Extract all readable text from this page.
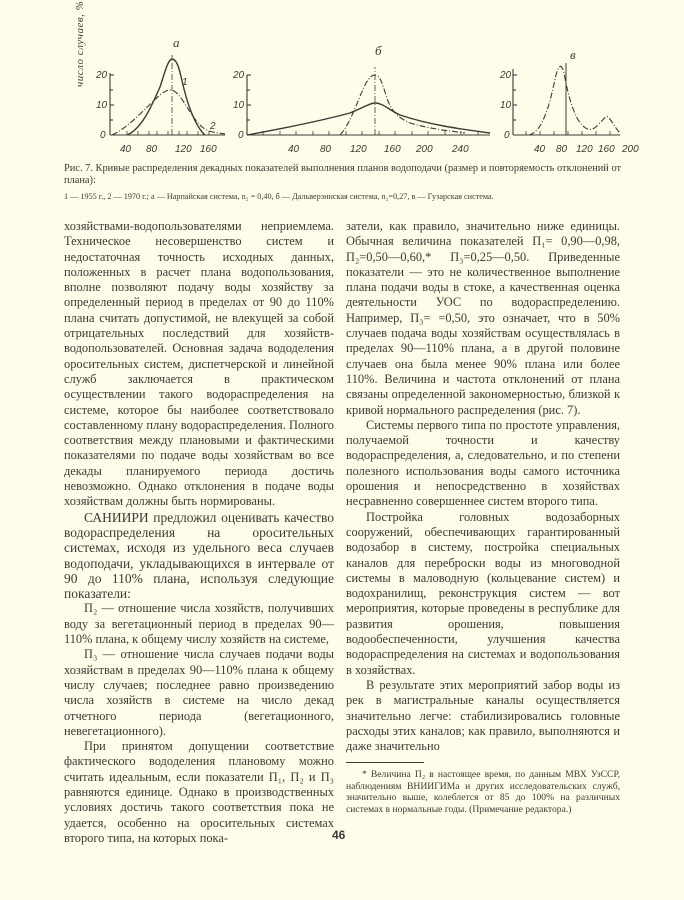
число случаев, %	а
б	в
0
10
20
40 80 120 160
1
2
0
10
20
40 80 120 160 200 240
0
10
20
40 80 120 160 200
Рис. 7. Кривые распределения декадных показателей выполнения планов водоподачи (размер и повторяемость отклонений от плана):
1 — 1955 г., 2 — 1970 г.; а — Нарпайская система, n₂ = 0,40, б — Дальверзинская система, n₂=0,27, в — Гузарская система.

хозяйствами-водопользователями неприемлема. Техническое несовершенство систем и недостаточная точность исходных данных, положенных в расчет плана водопользования, вполне позволяют подачу воды хозяйству за определенный период в пределах от 90 до 110% плана считать допустимой, не влекущей за собой отрицательных последствий для хозяйств-водопользователей. Основная задача вододеления оросительных систем, диспетчерской и линейной служб заключается в практическом осуществлении такого водораспределения на системе, которое бы наиболее соответствовало составленному плану водораспределения. Полного соответствия между плановыми и фактическими показателями по подаче воды хозяйствам во все декады планируемого периода достичь невозможно. Однако отклонения в подаче воды хозяйствам должны быть нормированы.

САНИИРИ предложил оценивать качество водораспределения на оросительных системах, исходя из удельного веса случаев водоподачи, укладывающихся в интервале от 90 до 110% плана, используя следующие показатели:

П₂ — отношение числа хозяйств, получивших воду за вегетационный период в пределах 90—110% плана, к общему числу хозяйств на системе,

П₃ — отношение числа случаев подачи воды хозяйствам в пределах 90—110% плана к общему числу случаев; последнее равно произведению числа хозяйств в системе на число декад отчетного периода (вегетационного, невегетационного).

При принятом допущении соответствие фактического вододеления плановому можно считать идеальным, если показатели П₁, П₂ и П₃ равняются единице. Однако в производственных условиях достичь такого соответствия пока не удается, особенно на оросительных системах второго типа, на которых пока-

затели, как правило, значительно ниже единицы. Обычная величина показателей П₁= 0,90—0,98, П₂=0,50—0,60,* П₃=0,25—0,50. Приведенные показатели — это не количественное выполнение плана подачи воды в стоке, а качественная оценка деятельности УОС по водораспределению. Например, П₃= =0,50, это означает, что в 50% случаев подача воды хозяйствам осуществлялась в пределах 90—110% плана, а в другой половине случаев она была менее 90% плана или более 110%. Величина и частота отклонений от плана связаны определенной закономерностью, близкой к кривой нормального распределения (рис. 7).

Системы первого типа по простоте управления, получаемой точности и качеству водораспределения, а, следовательно, и по степени полезного использования воды самого источника орошения и непосредственно в хозяйствах несравненно совершеннее систем второго типа.

Постройка головных водозаборных сооружений, обеспечивающих гарантированный водозабор в систему, постройка специальных каналов для переброски воды из многоводной системы в маловодную (кольцевание систем) и водохранилищ, реконструкция систем — вот мероприятия, которые проведены в республике для развития орошения, повышения водообеспеченности, улучшения качества водораспределения на системах и водопользования в хозяйствах.

В результате этих мероприятий забор воды из рек в магистральные каналы осуществляется значительно легче: стабилизировались головные расходы этих каналов; как правило, выполняются и даже значительно

* Величина П₂ в настоящее время, по данным МВХ УзССР, наблюдениям ВНИИГИМа и других исследовательских служб, значительно выше, колеблется от 85 до 100% на различных системах в нормальные годы. (Примечание редактора.)

46
